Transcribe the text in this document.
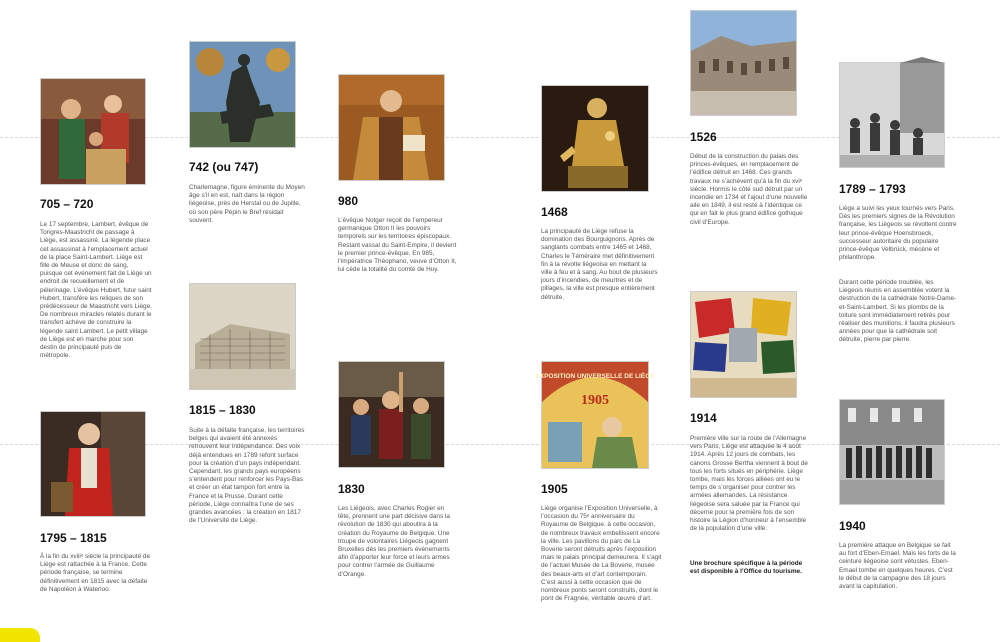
705 – 720
Le 17 septembre, Lambert, évêque de Tongres-Maastricht de passage à Liège, est assassiné. La légende place cet assassinat à l’emplacement actuel de la place Saint-Lambert. Liège est fille de Meuse et donc de sang, puisque cet événement fait de Liège un endroit de recueillement et de pèlerinage. L’évêque Hubert, futur saint Hubert, transfère les reliques de son prédécesseur de Maastricht vers Liège. De nombreux miracles relatés durant le transfert achève de construire la légende saint Lambert. Le petit village de Liège est en marche pour son destin de principauté puis de métropole.
1795 – 1815
À la fin du xviiiᵉ siècle la principauté de Liège est rattachée à la France. Cette période française, se termine définitivement en 1815 avec la défaite de Napoléon à Waterloo.
742 (ou 747)
Charlemagne, figure éminente du Moyen âge s’il en est, naît dans la région liégeoise, près de Herstal ou de Jupille, où son père Pépin le Bref résidait souvent.
1815 – 1830
Suite à la défaite française, les territoires belges qui avaient été annexés retrouvent leur indépendance. Des voix déjà entendues en 1789 refont surface pour la création d’un pays indépendant. Cependant, les grands pays européens s’entendent pour renforcer les Pays-Bas et créer un état tampon fort entre la France et la Prusse. Durant cette période, Liège connaîtra l’une de ses grandes avancées : la création en 1817 de l’Université de Liège.
980
L’évêque Notger reçoit de l’empereur germanique Otton II les pouvoirs temporels sur les territoires épiscopaux. Restant vassal du Saint-Empire, il devient le premier prince-évêque. En 985, l’impératrice Théophano, veuve d’Otton II, lui cède la totalité du comté de Huy.
1830
Les Liégeois, avec Charles Rogier en tête, prennent une part décisive dans la révolution de 1830 qui aboutira à la création du Royaume de Belgique. Une troupe de volontaires Liégeois gagnent Bruxelles dès les premiers événements afin d’apporter leur force et leurs armes pour contrer l’armée de Guillaume d’Orange.
1468
La principauté de Liège refuse la domination des Bourguignons. Après de sanglants combats entre 1465 et 1468, Charles le Téméraire met définitivement fin à la révolte liégeoise en mettant la ville à feu et à sang. Au bout de plusieurs jours d’incendies, de meurtres et de pillages, la ville est presque entièrement détruite.
EXPOSITION UNIVERSELLE DE LIÈGE
1905
1905
Liège organise l’Exposition Universelle, à l’occasion du 75ᵉ anniversaire du Royaume de Belgique. à cette occasion, de nombreux travaux embellissent encore la ville. Les pavillons du parc de La Boverie seront détruits après l’exposition mais le palais principal demeurera. Il s’agit de l’actuel Musée de La Boverie, musée des beaux-arts et d’art contemporain. C’est aussi à cette occasion que de nombreux ponts seront construits, dont le pont de Fragnée, véritable œuvre d’art.
1526
Début de la construction du palais des princes-évêques, en remplacement de l’édifice détruit en 1468. Ces grands travaux ne s’achèvent qu’à la fin du xviᵉ siècle. Hormis le côté sud détruit par un incendie en 1734 et l’ajout d’une nouvelle aile en 1849, il est resté à l’identique ce qui en fait le plus grand édifice gothique civil d’Europe.
1914
Première ville sur la route de l’Allemagne vers Paris, Liège est attaquée le 4 août 1914. Après 12 jours de combats, les canons Grosse Bertha viennent à bout de tous les forts situés en périphérie. Liège tombe, mais les forces alliées ont eu le temps de s’organiser pour contrer les armées allemandes. La résistance liégeoise sera saluée par la France qui décerne pour la première fois de son histoire la Légion d’honneur à l’ensemble de la population d’une ville.
Une brochure spécifique à la période est disponible à l’Office du tourisme.
1789 – 1793
Liège a suivi les yeux tournés vers Paris. Dès les premiers signes de la Révolution française, les Liégeois se révoltent contre leur prince-évêque Hoensbroeck, successeur autoritaire du populaire prince-évêque Velbrück, mécène et philanthrope.
Durant cette période troublée, les Liégeois réunis en assemblée votent la destruction de la cathédrale Notre-Dame-et-Saint-Lambert. Si les plombs de la toiture sont immédiatement retirés pour réaliser des munitions, il faudra plusieurs années pour que la cathédrale soit détruite, pierre par pierre.
1940
La première attaque en Belgique se fait au fort d’Eben-Emael. Mais les forts de la ceinture liégeoise sont vétustes. Eben-Emael tombe en quelques heures. C’est le début de la campagne des 18 jours avant la capitulation.
